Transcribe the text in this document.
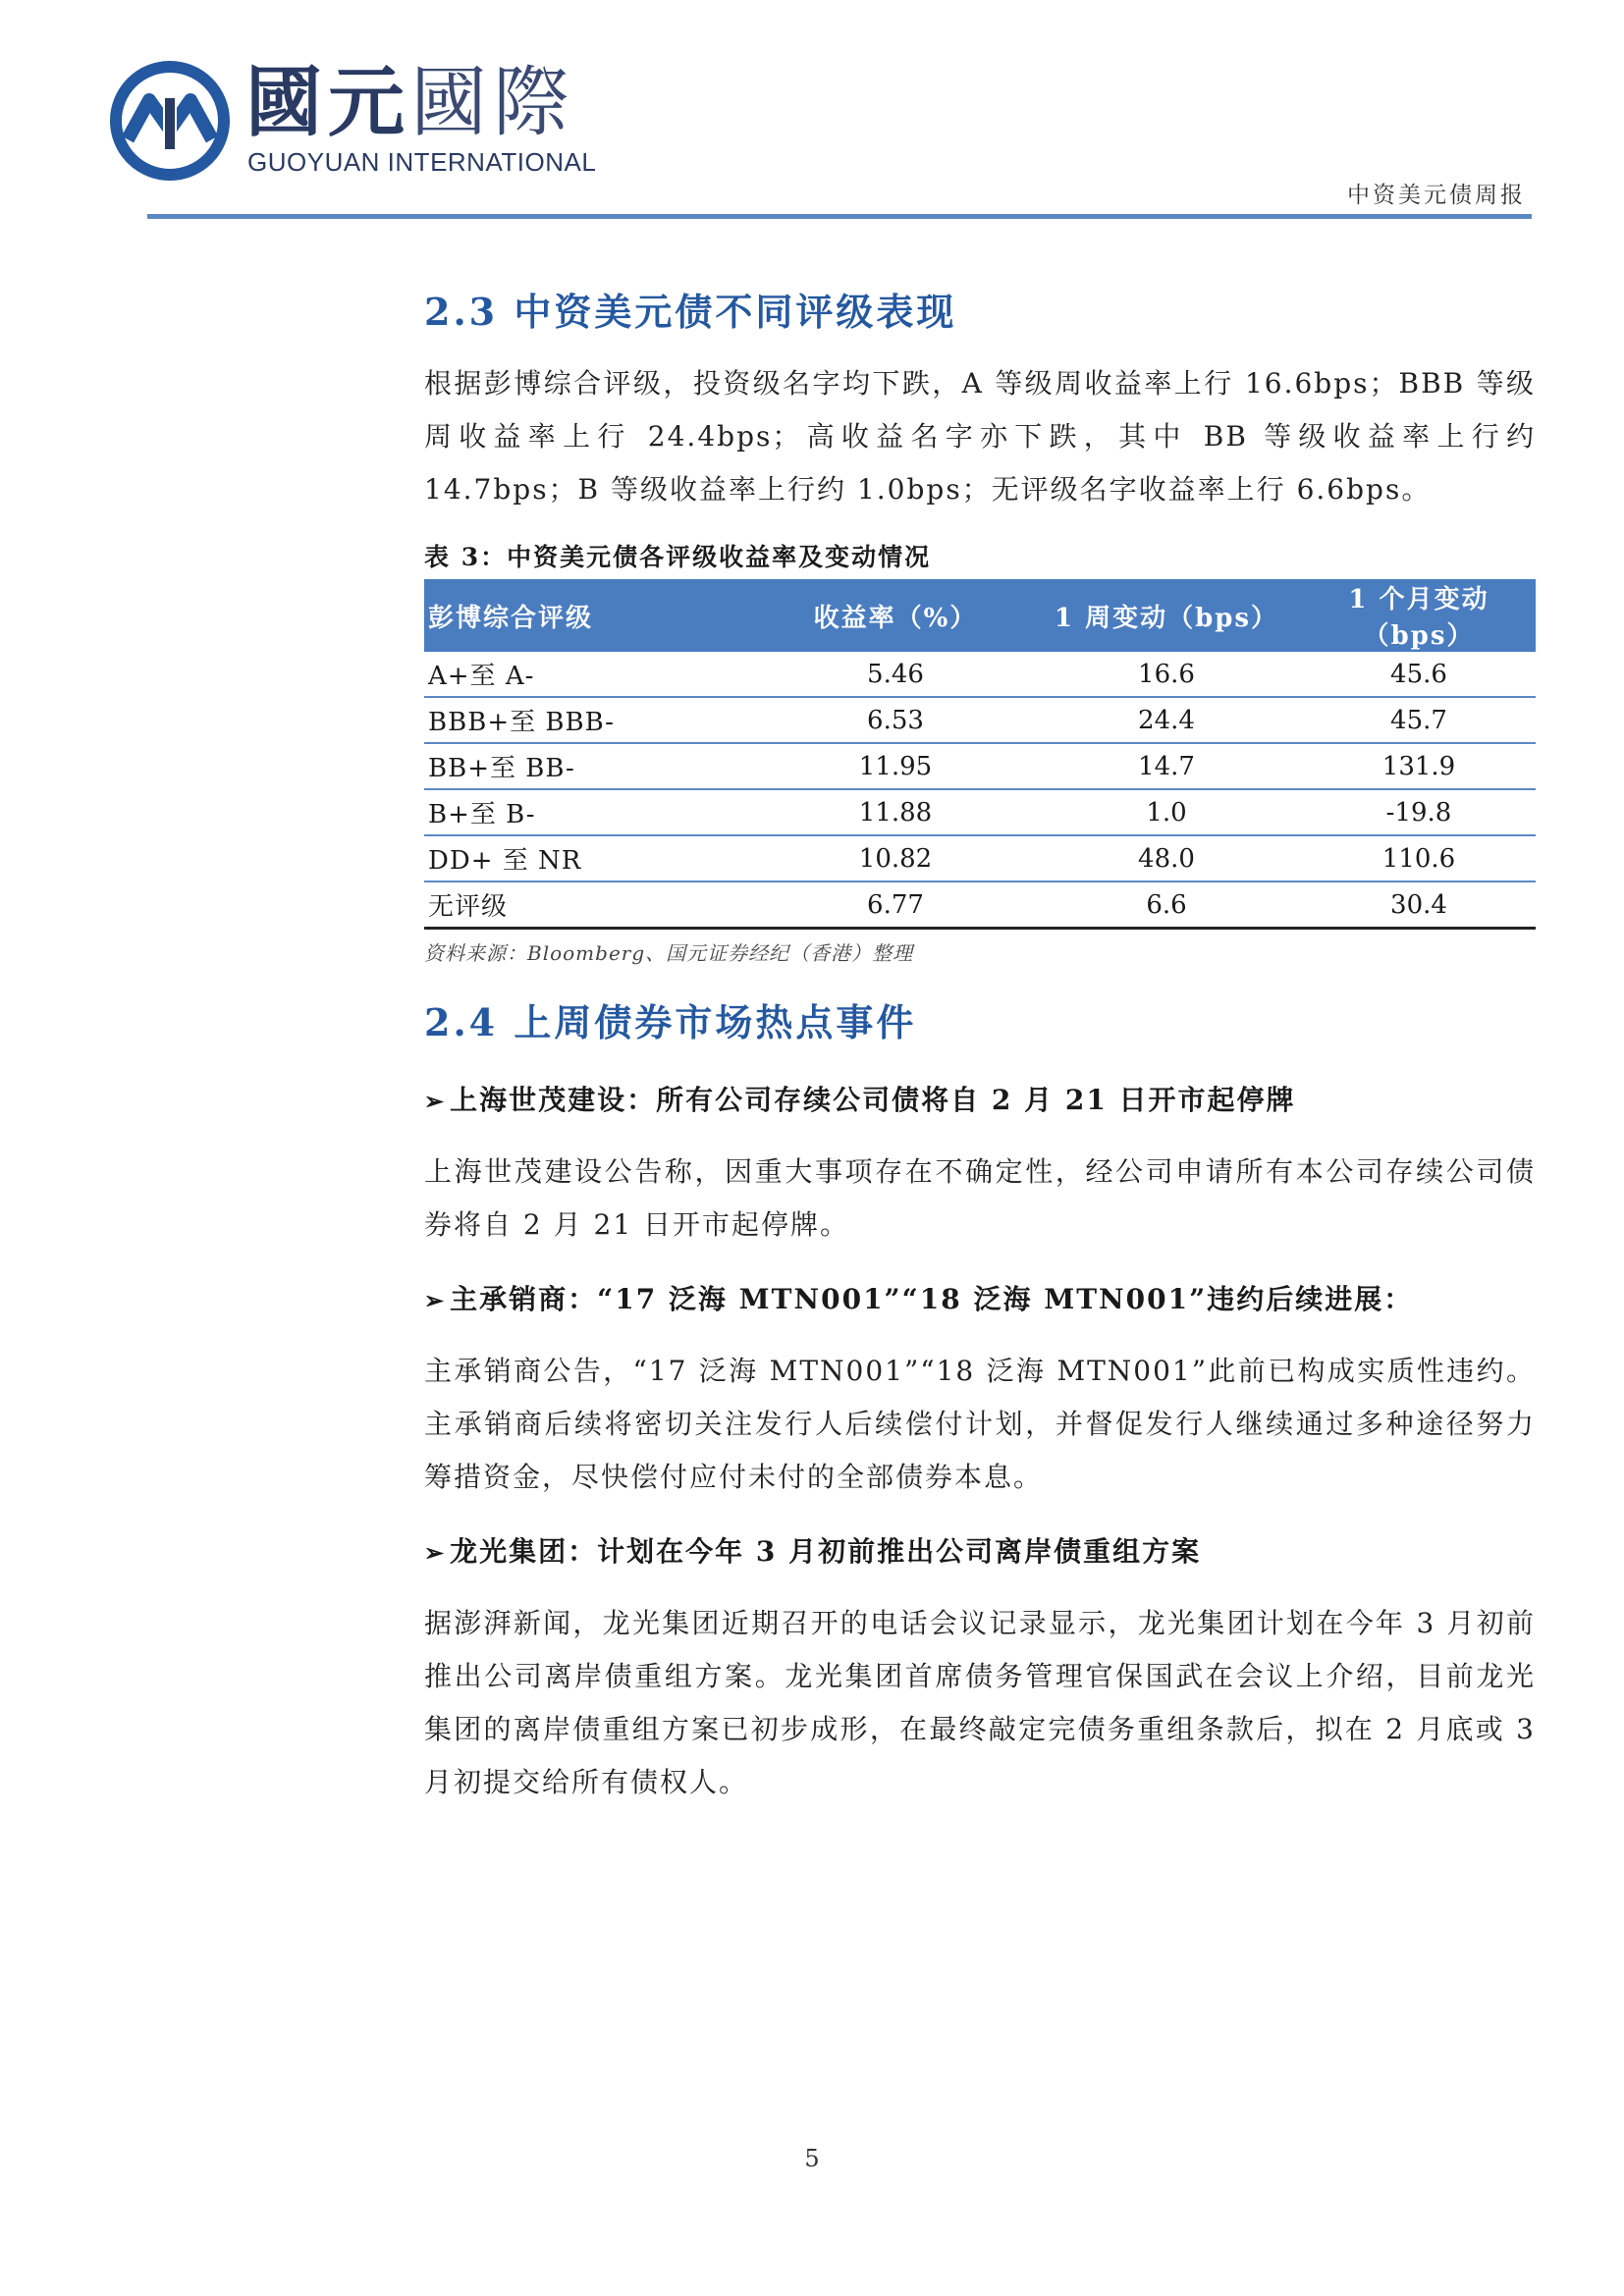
國元國際
GUOYUAN INTERNATIONAL
中资美元债周报
2.3 中资美元债不同评级表现

根据彭博综合评级，投资级名字均下跌，A 等级周收益率上行 16.6bps；BBB 等级周收益率上行 24.4bps；高收益名字亦下跌，其中 BB 等级收益率上行约 14.7bps；B 等级收益率上行约 1.0bps；无评级名字收益率上行 6.6bps。

表 3：中资美元债各评级收益率及变动情况
彭博综合评级	收益率（%）	1 周变动（bps）	1 个月变动（bps）
A+至 A-	5.46	16.6	45.6
BBB+至 BBB-	6.53	24.4	45.7
BB+至 BB-	11.95	14.7	131.9
B+至 B-	11.88	1.0	-19.8
DD+ 至 NR	10.82	48.0	110.6
无评级	6.77	6.6	30.4
资料来源：Bloomberg、国元证券经纪（香港）整理
2.4 上周债券市场热点事件

➢ 上海世茂建设：所有公司存续公司债将自 2 月 21 日开市起停牌

上海世茂建设公告称，因重大事项存在不确定性，经公司申请所有本公司存续公司债券将自 2 月 21 日开市起停牌。

➢ 主承销商：“17 泛海 MTN001”“18 泛海 MTN001”违约后续进展：

主承销商公告，“17 泛海 MTN001”“18 泛海 MTN001”此前已构成实质性违约。主承销商后续将密切关注发行人后续偿付计划，并督促发行人继续通过多种途径努力筹措资金，尽快偿付应付未付的全部债券本息。

➢ 龙光集团：计划在今年 3 月初前推出公司离岸债重组方案

据澎湃新闻，龙光集团近期召开的电话会议记录显示，龙光集团计划在今年 3 月初前推出公司离岸债重组方案。龙光集团首席债务管理官保国武在会议上介绍，目前龙光集团的离岸债重组方案已初步成形，在最终敲定完债务重组条款后，拟在 2 月底或 3 月初提交给所有债权人。

5
